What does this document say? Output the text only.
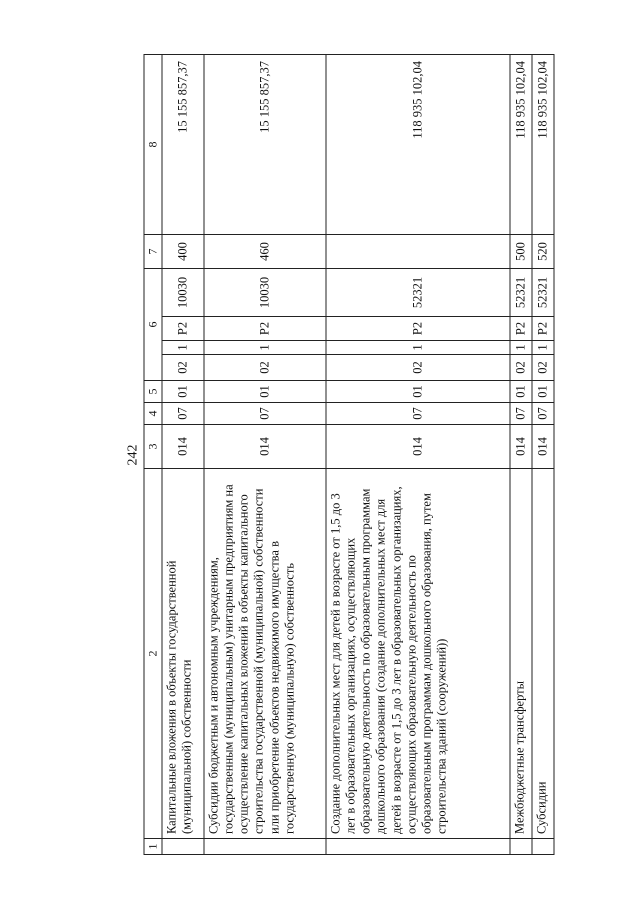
242
1	2	3	4	5	6				7	8
	Капитальные вложения в объекты государственной (муниципальной) собственности	014	07	01	02	1	P2	10030	400	15 155 857,37
	Субсидии бюджетным и автономным учреждениям, государственным (муниципальным) унитарным предприятиям на осуществление капитальных вложений в объекты капитального строительства государственной (муниципальной) собственности или приобретение объектов недвижимого имущества в государственную (муниципальную) собственность	014	07	01	02	1	P2	10030	460	15 155 857,37
	Создание дополнительных мест для детей в возрасте от 1,5 до 3 лет в образовательных организациях, осуществляющих образовательную деятельность по образовательным программам дошкольного образования (создание дополнительных мест для детей в возрасте от 1,5 до 3 лет в образовательных организациях, осуществляющих образовательную деятельность по образовательным программам дошкольного образования, путем строительства зданий (сооружений))	014	07	01	02	1	P2	52321		118 935 102,04
	Межбюджетные трансферты	014	07	01	02	1	P2	52321	500	118 935 102,04
	Субсидии	014	07	01	02	1	P2	52321	520	118 935 102,04
